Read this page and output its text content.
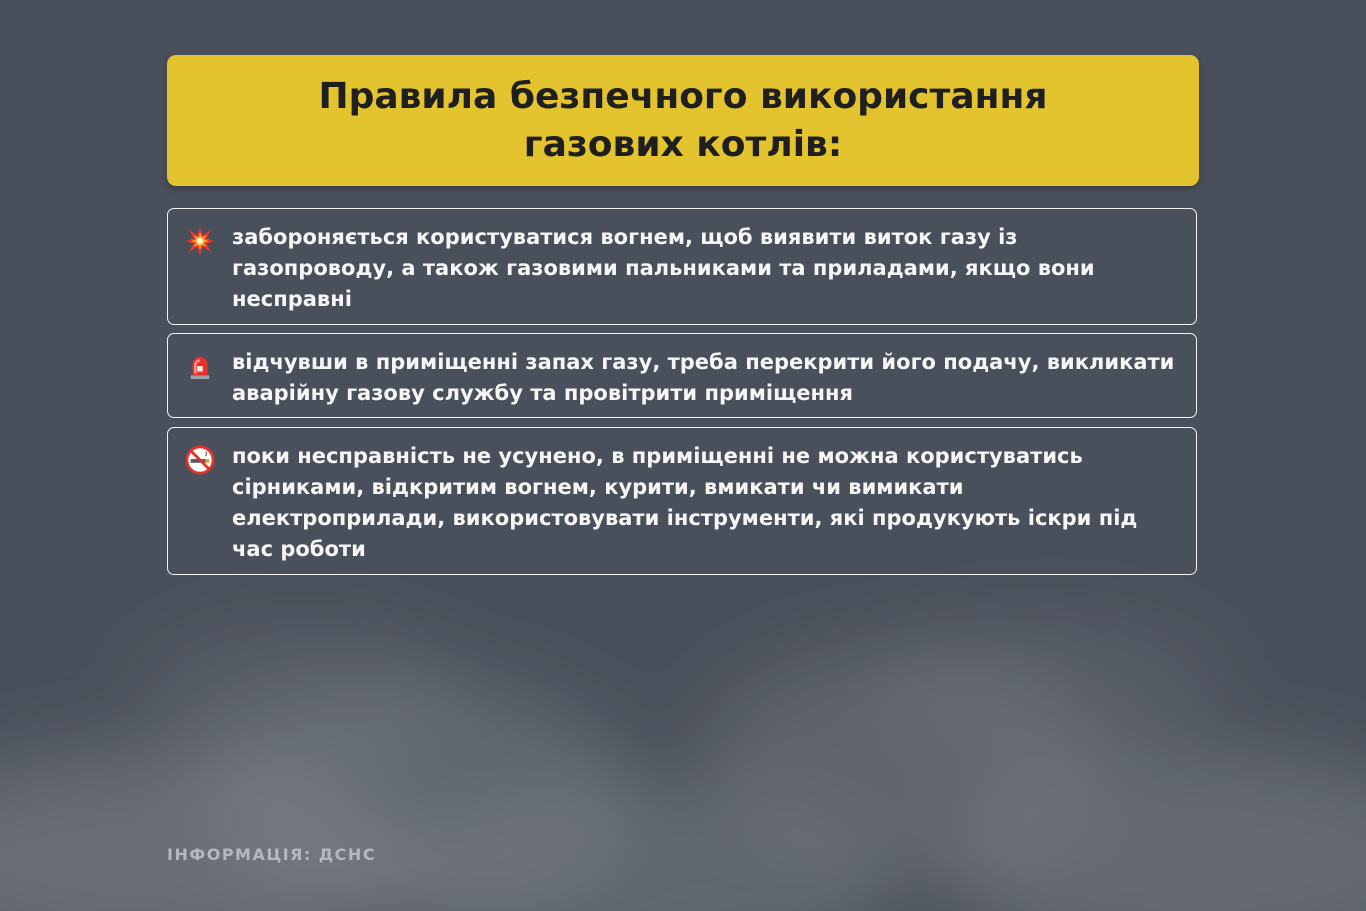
Правила безпечного використання
газових котлів:
забороняється користуватися вогнем, щоб виявити виток газу із газопроводу, а також газовими пальниками та приладами, якщо вони несправні
відчувши в приміщенні запах газу, треба перекрити його подачу, викликати аварійну газову службу та провітрити приміщення
поки несправність не усунено, в приміщенні не можна користуватись сірниками, відкритим вогнем, курити, вмикати чи вимикати електроприлади, використовувати інструменти, які продукують іскри під час роботи
ІНФОРМАЦІЯ: ДСНС
